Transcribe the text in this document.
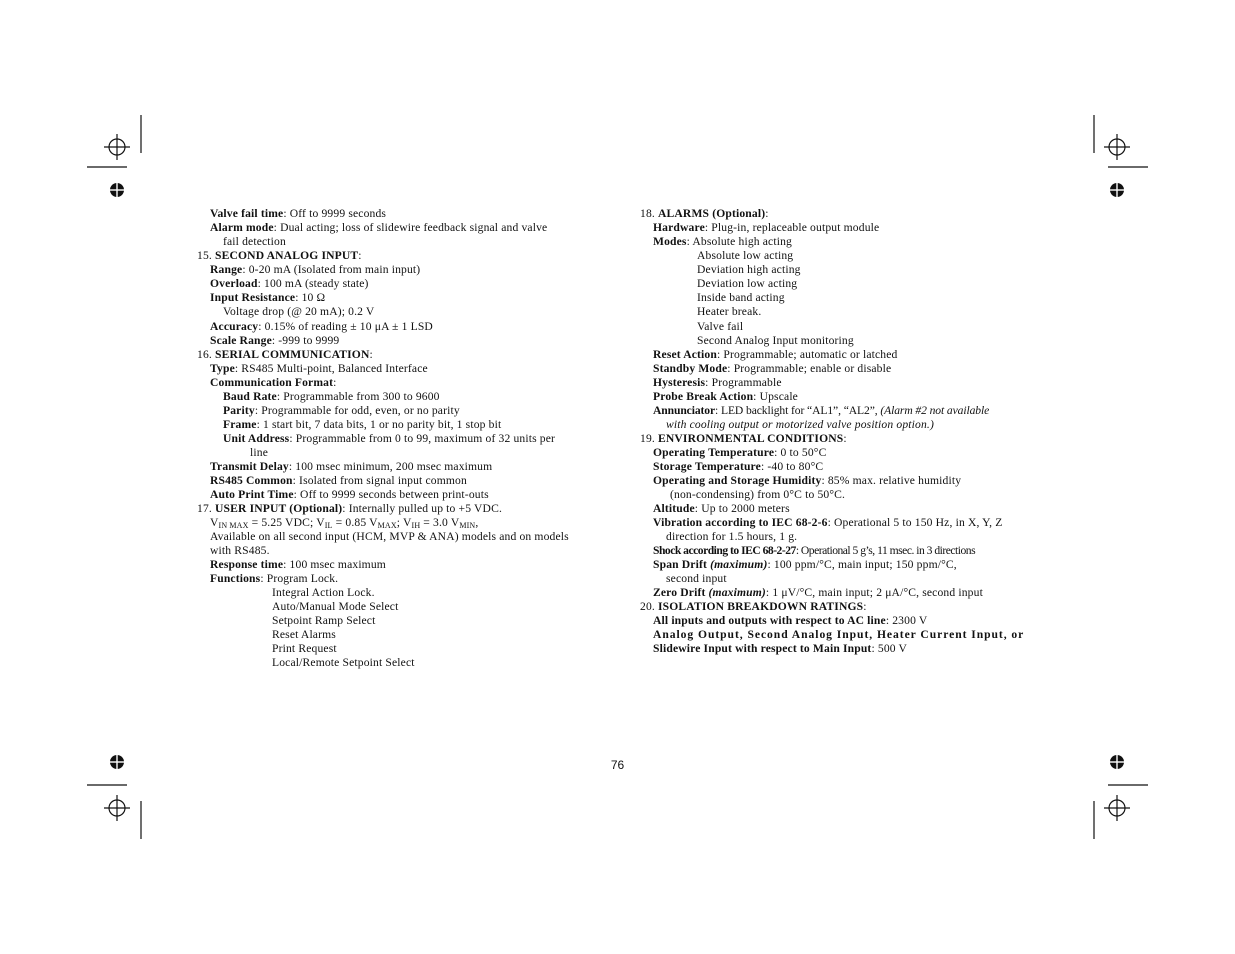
Valve fail time: Off to 9999 seconds
Alarm mode: Dual acting; loss of slidewire feedback signal and valve
fail detection
15. SECOND ANALOG INPUT:
Range: 0-20 mA (Isolated from main input)
Overload: 100 mA (steady state)
Input Resistance: 10 Ω
Voltage drop (@ 20 mA); 0.2 V
Accuracy: 0.15% of reading ± 10 μA ± 1 LSD
Scale Range: -999 to 9999
16. SERIAL COMMUNICATION:
Type: RS485 Multi-point, Balanced Interface
Communication Format:
Baud Rate: Programmable from 300 to 9600
Parity: Programmable for odd, even, or no parity
Frame: 1 start bit, 7 data bits, 1 or no parity bit, 1 stop bit
Unit Address: Programmable from 0 to 99, maximum of 32 units per
line
Transmit Delay: 100 msec minimum, 200 msec maximum
RS485 Common: Isolated from signal input common
Auto Print Time: Off to 9999 seconds between print-outs
17. USER INPUT (Optional): Internally pulled up to +5 VDC.
$V_{IN MAX} = 5.25$ VDC; $V_{IL} = 0.85$ $V_{MAX}$; $V_{IH} = 3.0$ $V_{MIN}$,
Available on all second input (HCM, MVP & ANA) models and on models
with RS485.
Response time: 100 msec maximum
Functions: Program Lock.
Integral Action Lock.
Auto/Manual Mode Select
Setpoint Ramp Select
Reset Alarms
Print Request
Local/Remote Setpoint Select
18. ALARMS (Optional):
Hardware: Plug-in, replaceable output module
Modes: Absolute high acting
Absolute low acting
Deviation high acting
Deviation low acting
Inside band acting
Heater break.
Valve fail
Second Analog Input monitoring
Reset Action: Programmable; automatic or latched
Standby Mode: Programmable; enable or disable
Hysteresis: Programmable
Probe Break Action: Upscale
Annunciator: LED backlight for “AL1”, “AL2”, (Alarm #2 not available
with cooling output or motorized valve position option.)
19. ENVIRONMENTAL CONDITIONS:
Operating Temperature: 0 to 50°C
Storage Temperature: -40 to 80°C
Operating and Storage Humidity: 85% max. relative humidity
(non-condensing) from 0°C to 50°C.
Altitude: Up to 2000 meters
Vibration according to IEC 68-2-6: Operational 5 to 150 Hz, in X, Y, Z
direction for 1.5 hours, 1 g.
Shock according to IEC 68-2-27: Operational 5 g’s, 11 msec. in 3 directions
Span Drift (maximum): 100 ppm/°C, main input; 150 ppm/°C,
second input
Zero Drift (maximum): 1 μV/°C, main input; 2 μA/°C, second input
20. ISOLATION BREAKDOWN RATINGS:
All inputs and outputs with respect to AC line: 2300 V
Analog Output, Second Analog Input, Heater Current Input, or
Slidewire Input with respect to Main Input: 500 V
76
